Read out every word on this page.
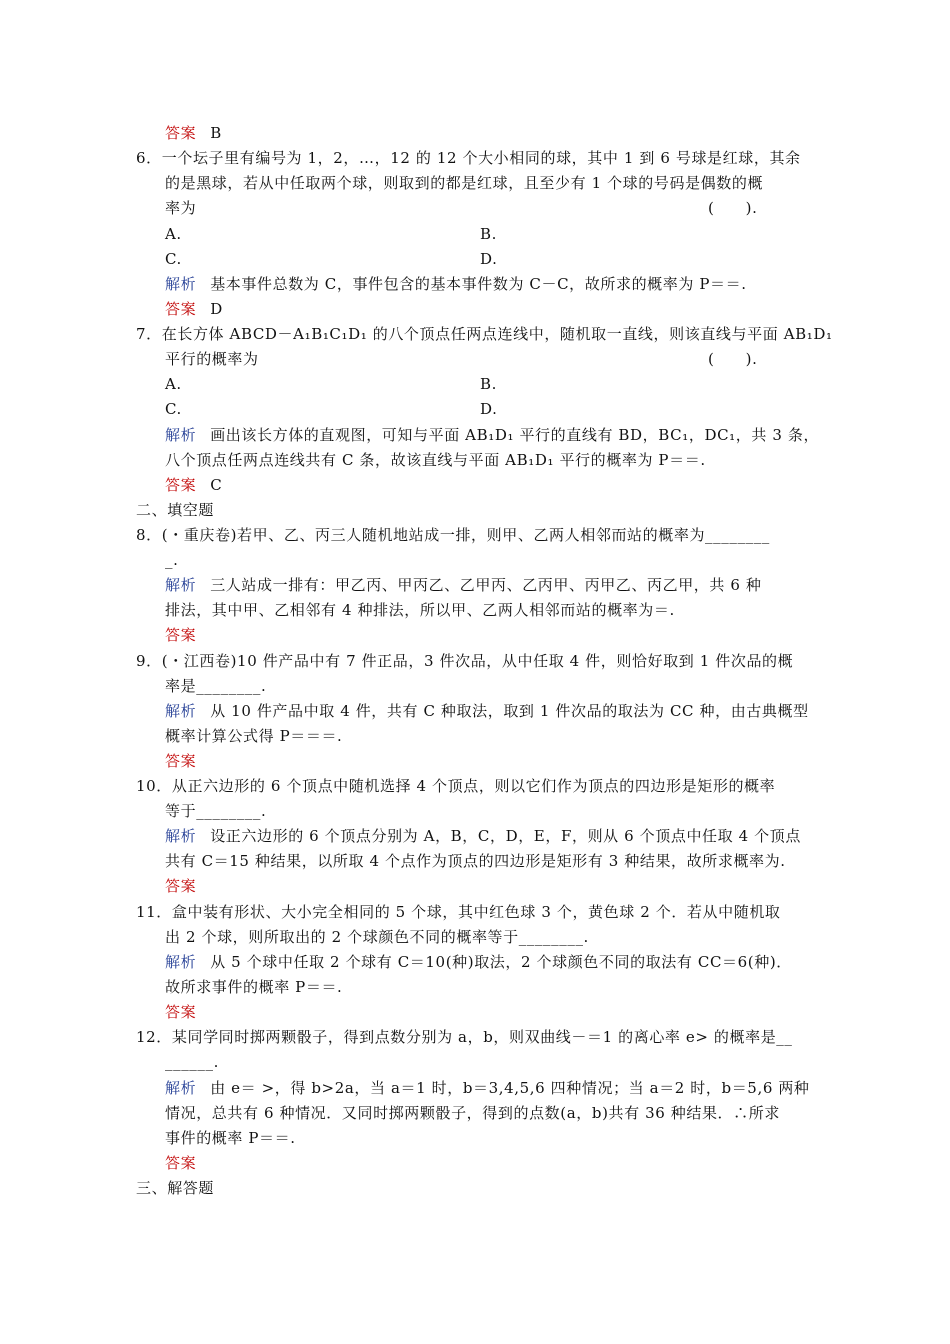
答案 B
6．一个坛子里有编号为 1，2，…，12 的 12 个大小相同的球，其中 1 到 6 号球是红球，其余
的是黑球，若从中任取两个球，则取到的都是红球，且至少有 1 个球的号码是偶数的概
率为	(　　).
A.	B.
C.	D.
解析 基本事件总数为 C，事件包含的基本事件数为 C－C，故所求的概率为 P＝＝.
答案 D
7．在长方体 ABCD－A₁B₁C₁D₁ 的八个顶点任两点连线中，随机取一直线，则该直线与平面 AB₁D₁
平行的概率为	(　　).
A.	B.
C.	D.
解析 画出该长方体的直观图，可知与平面 AB₁D₁ 平行的直线有 BD，BC₁，DC₁，共 3 条，
八个顶点任两点连线共有 C 条，故该直线与平面 AB₁D₁ 平行的概率为 P＝＝.
答案 C
二、填空题
8．(・重庆卷)若甲、乙、丙三人随机地站成一排，则甲、乙两人相邻而站的概率为________
_.
解析 三人站成一排有：甲乙丙、甲丙乙、乙甲丙、乙丙甲、丙甲乙、丙乙甲，共 6 种
排法，其中甲、乙相邻有 4 种排法，所以甲、乙两人相邻而站的概率为＝.
答案
9．(・江西卷)10 件产品中有 7 件正品，3 件次品，从中任取 4 件，则恰好取到 1 件次品的概
率是________.
解析 从 10 件产品中取 4 件，共有 C 种取法，取到 1 件次品的取法为 CC 种，由古典概型
概率计算公式得 P＝＝＝.
答案
10．从正六边形的 6 个顶点中随机选择 4 个顶点，则以它们作为顶点的四边形是矩形的概率
等于________.
解析 设正六边形的 6 个顶点分别为 A，B，C，D，E，F，则从 6 个顶点中任取 4 个顶点
共有 C＝15 种结果，以所取 4 个点作为顶点的四边形是矩形有 3 种结果，故所求概率为.
答案
11．盒中装有形状、大小完全相同的 5 个球，其中红色球 3 个，黄色球 2 个．若从中随机取
出 2 个球，则所取出的 2 个球颜色不同的概率等于________.
解析 从 5 个球中任取 2 个球有 C＝10(种)取法，2 个球颜色不同的取法有 CC＝6(种)．
故所求事件的概率 P＝＝.
答案
12．某同学同时掷两颗骰子，得到点数分别为 a，b，则双曲线－＝1 的离心率 e> 的概率是__
______.
解析 由 e＝ >，得 b>2a，当 a＝1 时，b＝3,4,5,6 四种情况；当 a＝2 时，b＝5,6 两种
情况，总共有 6 种情况．又同时掷两颗骰子，得到的点数(a，b)共有 36 种结果．∴所求
事件的概率 P＝＝.
答案
三、解答题
